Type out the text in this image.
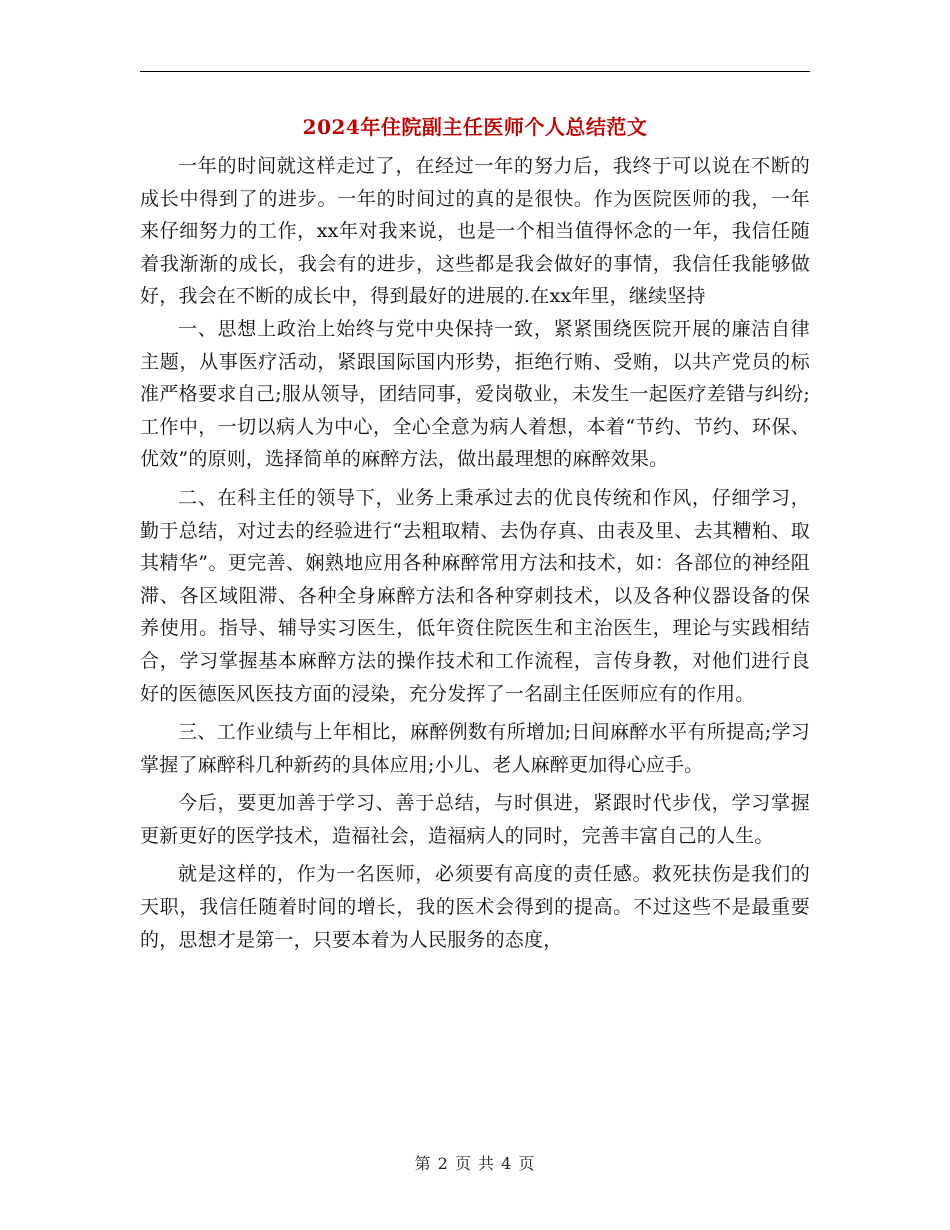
2024年住院副主任医师个人总结范文

一年的时间就这样走过了，在经过一年的努力后，我终于可以说在不断的成长中得到了的进步。一年的时间过的真的是很快。作为医院医师的我，一年来仔细努力的工作，xx年对我来说，也是一个相当值得怀念的一年，我信任随着我渐渐的成长，我会有的进步，这些都是我会做好的事情，我信任我能够做好，我会在不断的成长中，得到最好的进展的.在xx年里，继续坚持

一、思想上政治上始终与党中央保持一致，紧紧围绕医院开展的廉洁自律主题，从事医疗活动，紧跟国际国内形势，拒绝行贿、受贿，以共产党员的标准严格要求自己;服从领导，团结同事，爱岗敬业，未发生一起医疗差错与纠纷;工作中，一切以病人为中心，全心全意为病人着想，本着“节约、节约、环保、优效”的原则，选择简单的麻醉方法，做出最理想的麻醉效果。

二、在科主任的领导下，业务上秉承过去的优良传统和作风，仔细学习，勤于总结，对过去的经验进行“去粗取精、去伪存真、由表及里、去其糟粕、取其精华”。更完善、娴熟地应用各种麻醉常用方法和技术，如：各部位的神经阻滞、各区域阻滞、各种全身麻醉方法和各种穿刺技术，以及各种仪器设备的保养使用。指导、辅导实习医生，低年资住院医生和主治医生，理论与实践相结合，学习掌握基本麻醉方法的操作技术和工作流程，言传身教，对他们进行良好的医德医风医技方面的浸染，充分发挥了一名副主任医师应有的作用。

三、工作业绩与上年相比，麻醉例数有所增加;日间麻醉水平有所提高;学习掌握了麻醉科几种新药的具体应用;小儿、老人麻醉更加得心应手。

今后，要更加善于学习、善于总结，与时俱进，紧跟时代步伐，学习掌握更新更好的医学技术，造福社会，造福病人的同时，完善丰富自己的人生。

就是这样的，作为一名医师，必须要有高度的责任感。救死扶伤是我们的天职，我信任随着时间的增长，我的医术会得到的提高。不过这些不是最重要的，思想才是第一，只要本着为人民服务的态度，

第 2 页 共 4 页
